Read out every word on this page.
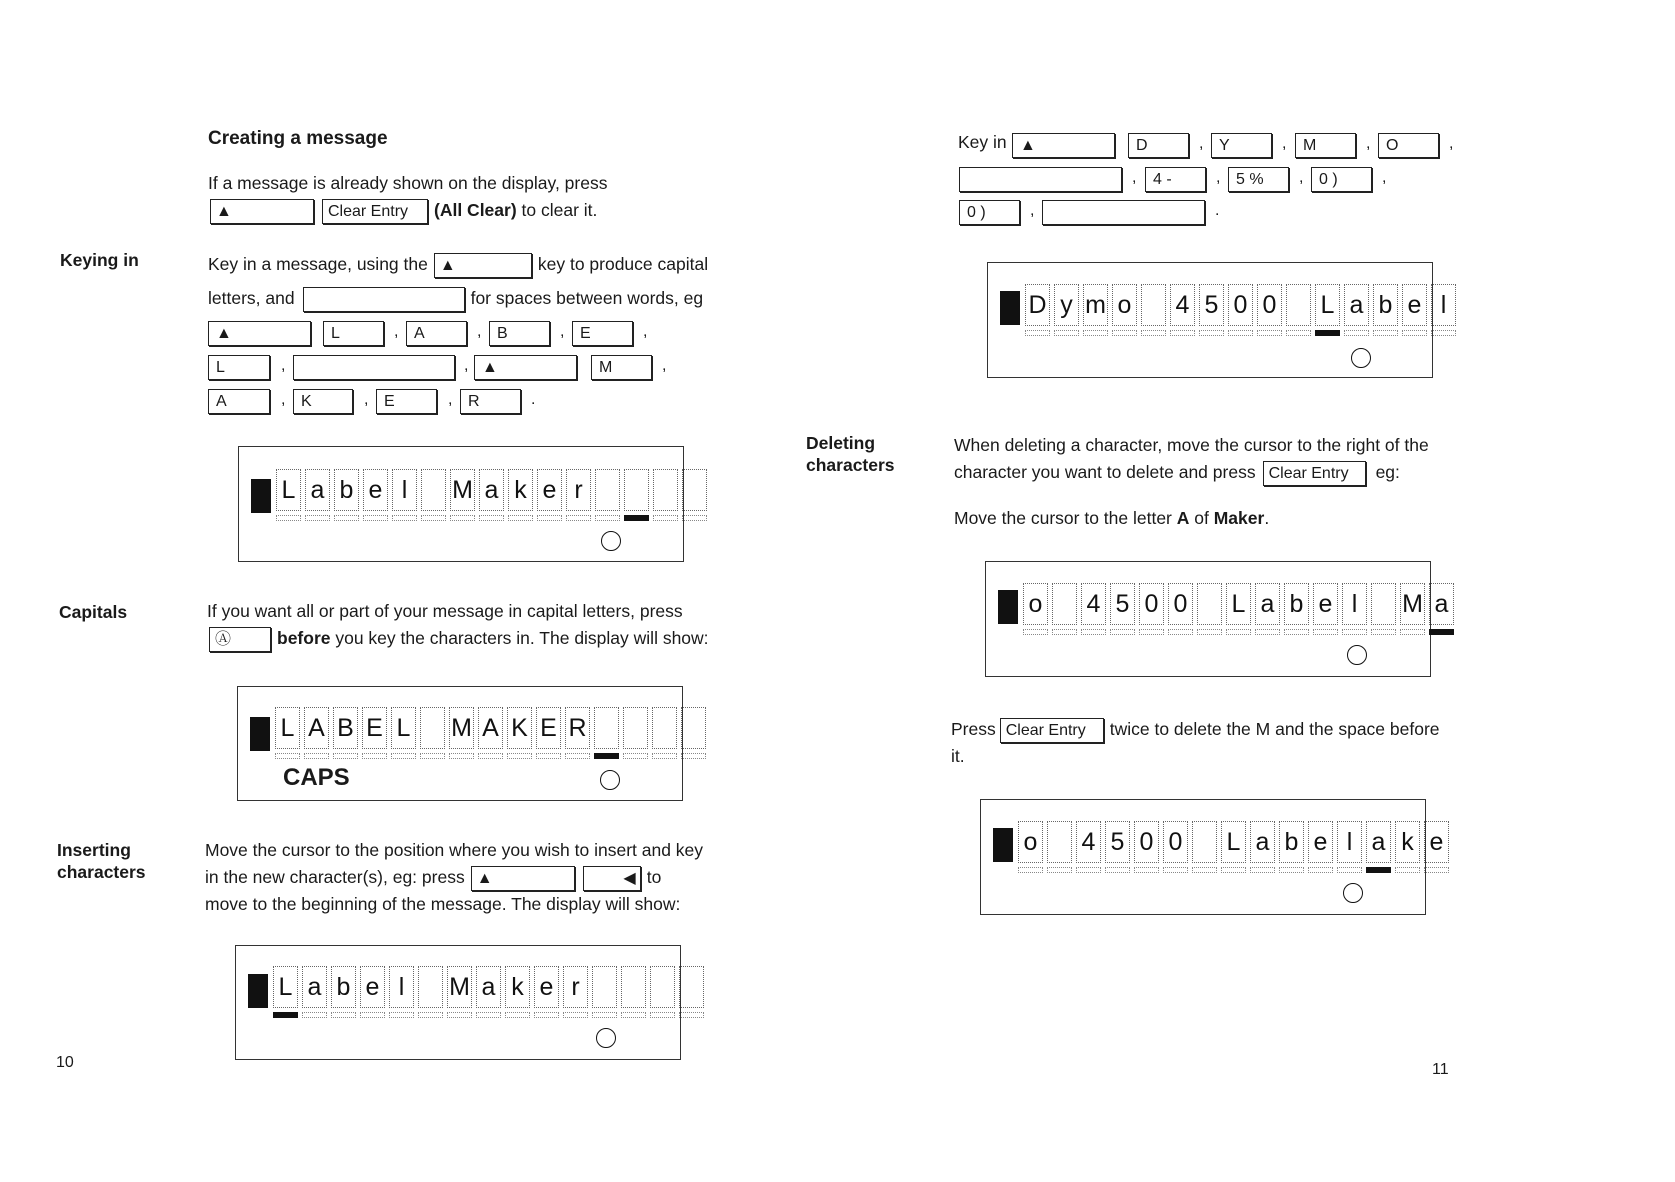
Creating a message
If a message is already shown on the display, press
▲	Clear Entry (All Clear) to clear it.
Keying in	Key in a message, using the ▲	key to produce capital
letters, and	for spaces between words, eg
▲	L	, A	, B	, E	,
L	,	, ▲	M	,
A	, K	, E	, R	.
L a b e l	M a k e r
Capitals	If you want all or part of your message in capital letters, press
Ⓐ	before you key the characters in. The display will show:
L A B E L M A K E R
CAPS
Inserting
characters
Move the cursor to the position where you wish to insert and key
in the new character(s), eg: press ▲	◀ to
move to the beginning of the message. The display will show:
L a b e l	M a k e r
10
Key in ▲	D	, Y	,	M	, O	,
,	4 -	, 5 %	, 0 )	,
0 )	,	.
D y m o 4 5 0 0 L a b e l
Deleting
characters
When deleting a character, move the cursor to the right of the
character you want to delete and press Clear Entry eg:
Move the cursor to the letter A of Maker.
o 4 5 0 0 L a b e l	M a
Press Clear Entry twice to delete the M and the space before
it.
o 4 5 0 0 L a b e l a k e
11
